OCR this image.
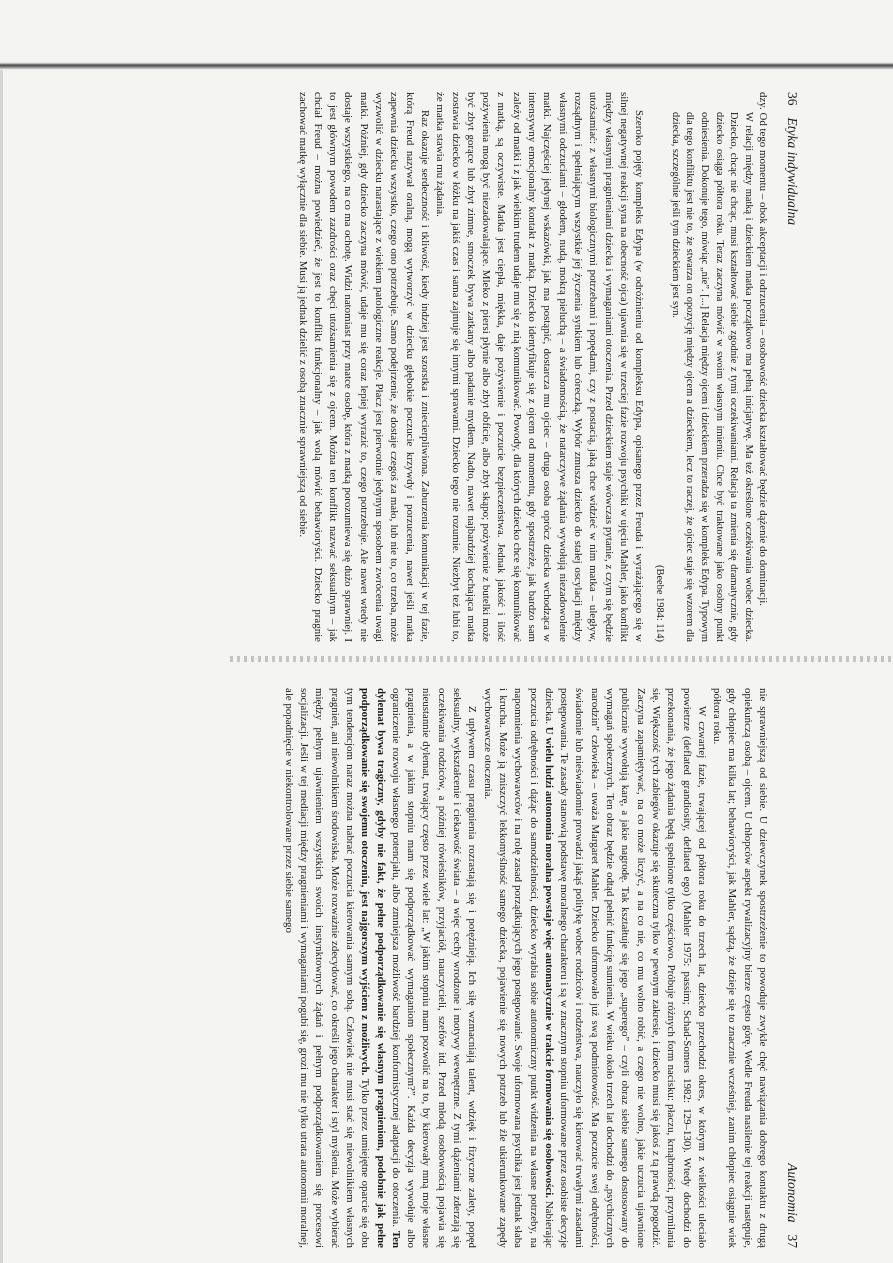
36Etyka indywidualna

dzy. Od tego momentu – obok akceptacji i odrzucenia – osobowość dziecka kształtować będzie dążenie do dominacji.

W relacji między matką i dzieckiem matka początkowo ma pełną inicjatywę. Ma też określone oczekiwania wobec dziecka. Dziecko, chcąc nie chcąc, musi kształtować siebie zgodnie z tymi oczekiwaniami. Relacja ta zmienia się dramatycznie, gdy dziecko osiąga półtora roku. Teraz zaczyna mówić w swoim własnym imieniu. Chce być traktowane jako osobny punkt odniesienia. Dokonuje tego, mówiąc „nie”. [...] Relacja między ojcem i dzieckiem przeradza się w kompleks Edypa. Typowym dla tego konfliktu jest nie to, że stwarza on opozycję między ojcem a dzieckiem, lecz to raczej, że ojciec staje się wzorem dla dziecka, szczególnie jeśli tym dzieckiem jest syn.

(Beebe 1984: 114)

Szeroko pojęty kompleks Edypa (w odróżnieniu od kompleksu Edypa, opisanego przez Freuda i wyrażającego się w silnej negatywnej reakcji syna na obecność ojca) ujawnia się w trzeciej fazie rozwoju psychiki w ujęciu Mahler, jako konflikt między własnymi pragnieniami dziecka i wymaganiami otoczenia. Przed dzieckiem staje wówczas pytanie, z czym się będzie utożsamiać: z własnymi biologicznymi potrzebami i popędami, czy z postacią, jaką chce widzieć w nim matka – uległyw, rozsądnym i spełniającym wszystkie jej życzenia synkiem lub córeczką. Wybór zmusza dziecko do stałej oscylacji między własnymi odczuciami – głodem, nudą, mokrą pieluchą – a świadomością, że natarczywe żądania wywołują niezadowolenie matki. Najczęściej jedynej wskazówki, jak ma postąpić, dostarcza mu ojciec – druga osoba oprócz dziecka wchodząca w intensywny emocjonalny kontakt z matką. Dziecko identyfikuje się z ojcem od momentu, gdy spostrzeże, jak bardzo sam zależy od matki i z jak wielkim trudem udaje mu się z nią komunikować. Powody, dla których dziecko chce się komunikować z matką, są oczywiste. Matka jest ciepła, miękka, daje pożywienie i poczucie bezpieczeństwa. Jednak jakość i ilość pożywienia mogą być niezadowalające. Mleko z piersi płynie albo zbyt obficie, albo zbyt skąpo; pożywienie z butelki może być zbyt gorące lub zbyt zimne, smoczek bywa zatkany albo padanie mydłem. Nadto, nawet najbardziej kochająca matka zostawia dziecko w łóżku na jakiś czas i sama zajmuje się innymi sprawami. Dziecko tego nie rozumie. Niezbyt też lubi to, że matka stawia mu żądania.

Raz okazuje serdeczność i tkliwość, kiedy indziej jest szorstka i zniecierpliwiona. Zaburzenia komunikacji w tej fazie, którą Freud nazywał oralną, mogą wytworzyć w dziecku głębokie poczucie krzywdy i porzucenia, nawet jeśli matka zapewnia dziecku wszystko, czego ono potrzebuje. Samo podejrzenie, że dostaje czegoś za mało, lub nie to, co trzeba, może wyzwolić w dziecku narastające z wiekiem patologiczne reakcje. Płacz jest pierwotnie jedynym sposobem zwrócenia uwagi matki. Później, gdy dziecko zaczyna mówić, udaje mu się coraz lepiej wyrazić to, czego potrzebuje. Ale nawet wtedy nie dostaje wszystkiego, na co ma ochotę. Widzi natomiast przy matce osobę, która z matką porozumiewa się dużo sprawniej. I to jest głównym powodem zazdrości oraz chęci utożsamienia się z ojcem. Można ten konflikt nazwać seksualnym – jak chciał Freud – można powiedzieć, że jest to konflikt funkcjonalny – jak wolą mówić behawioryści. Dziecko pragnie zachować matkę wyłącznie dla siebie. Musi ją jednak dzielić z osobą znacznie sprawniejszą od siebie.

Autonomia37

nie sprawniejszą od siebie. U dziewczynek spostrzeżenie to powoduje zwykle chęć nawiązania dobrego kontaktu z drugą opiekuńczą osobą – ojcem. U chłopców aspekt rywalizacyjny bierze często górę. Wedle Freuda nasilenie tej reakcji następuje, gdy chłopiec ma kilka lat; behawioryści, jak Mahler, sądzą, że dzieje się to znacznie wcześniej, zanim chłopiec osiągnie wiek półtora roku.

W czwartej fazie, trwającej od półtora roku do trzech lat, dziecko przechodzi okres, w którym z wielkości uleciało powietrze (deflated grandiosity, deflated ego) (Mahler 1975: passim; Schad-Somers 1982: 129–130). Wtedy dochodzi do przekonania, że jego żądania będą spełnione tylko częściowo. Próbuje różnych form nacisku: płaczu, krnąbrności, przymilania się. Większość tych zabiegów okazuje się skuteczna tylko w pewnym zakresie, i dziecko musi się jakoś z tą prawdą pogodzić. Zaczyna zapamiętywać, na co może liczyć, a na co nie, co mu wolno robić, a czego nie wolno, jakie uczucia ujawnione publicznie wywołują karę, a jakie nagrodę. Tak kształtuje się jego „superego” – czyli obraz siebie samego dostosowany do wymagań społecznych. Ten obraz będzie odtąd pełnić funkcję sumienia. W wieku około trzech lat dochodzi do „psychicznych narodzin” człowieka – uważa Margaret Mahler. Dziecko uformowało już swą podmiotowość. Ma poczucie swej odrębności, świadomie lub nieświadomie prowadzi jakąś politykę wobec rodziców i rodzeństwa, nauczyło się kierować trwałymi zasadami postępowania. Te zasady stanowią podstawę moralnego charakteru i są w znacznym stopniu uformowane przez osobiste decyzje dziecka. U wielu ludzi autonomia moralna powstaje więc automatycznie w trakcie formowania się osobowości. Nabierając poczucia odrębności i dążąc do samodzielności, dziecko wyrabia sobie autonomiczny punkt widzenia na własne potrzeby, na napomnienia wychowawców i na rolę zasad porządkujących jego postępowanie. Swoje uformowana psychika jest jednak słaba i krucha. Może ją zniszczyć lekkomyślność samego dziecka, pojawienie się nowych potrzeb lub źle ukierunkowane zapędy wychowawcze otoczenia.

Z upływem czasu pragnienia rozrastają się i potężnieją. Ich siłę wzmacniają talent, wdzięk i fizyczne zalety, popęd seksualny, wykształcenie i ciekawość świata – a więc cechy wrodzone i motywy wewnętrzne. Z tymi dążeniami zderzają się oczekiwania rodziców, a później rówieśników, przyjaciół, nauczycieli, szefów itd. Przed młodą osobowością pojawia się nieustannie dylemat, trwający często przez wiele lat: „W jakim stopniu mam pozwolić na to, by kierowały mną moje własne pragnienia, a w jakim stopniu mam się podporządkować wymaganiom społecznym?”. Każda decyzja wywołuje albo ograniczenie rozwoju własnego potencjału, albo zmniejsza możliwość bardziej konformistycznej adaptacji do otoczenia. Ten dylemat bywa tragiczny, gdyby nie fakt, że pełne podporządkowanie się własnym pragnieniom, podobnie jak pełne podporządkowanie się swojemu otoczeniu, jest najgorszym wyjściem z możliwych. Tylko przez umiejętne oparcie się obu tym tendencjom naraz można nabrać poczucia kierowania samym sobą. Człowiek nie musi stać się niewolnikiem własnych pragnień, ani niewolnikiem środowiska. Może rozważnie zdecydować, co określi jego charakter i styl myślenia. Może wybierać między pełnym ujawnieniem wszystkich swoich instynktownych żądań i pełnym podporządkowaniem się procesowi socjalizacji. Jeśli w tej mediacji między pragnieniami i wymaganiami pogubi się, grozi mu nie tylko utrata autonomii moralnej, ale popadnięcie w niekontrolowane przez siebie samego
